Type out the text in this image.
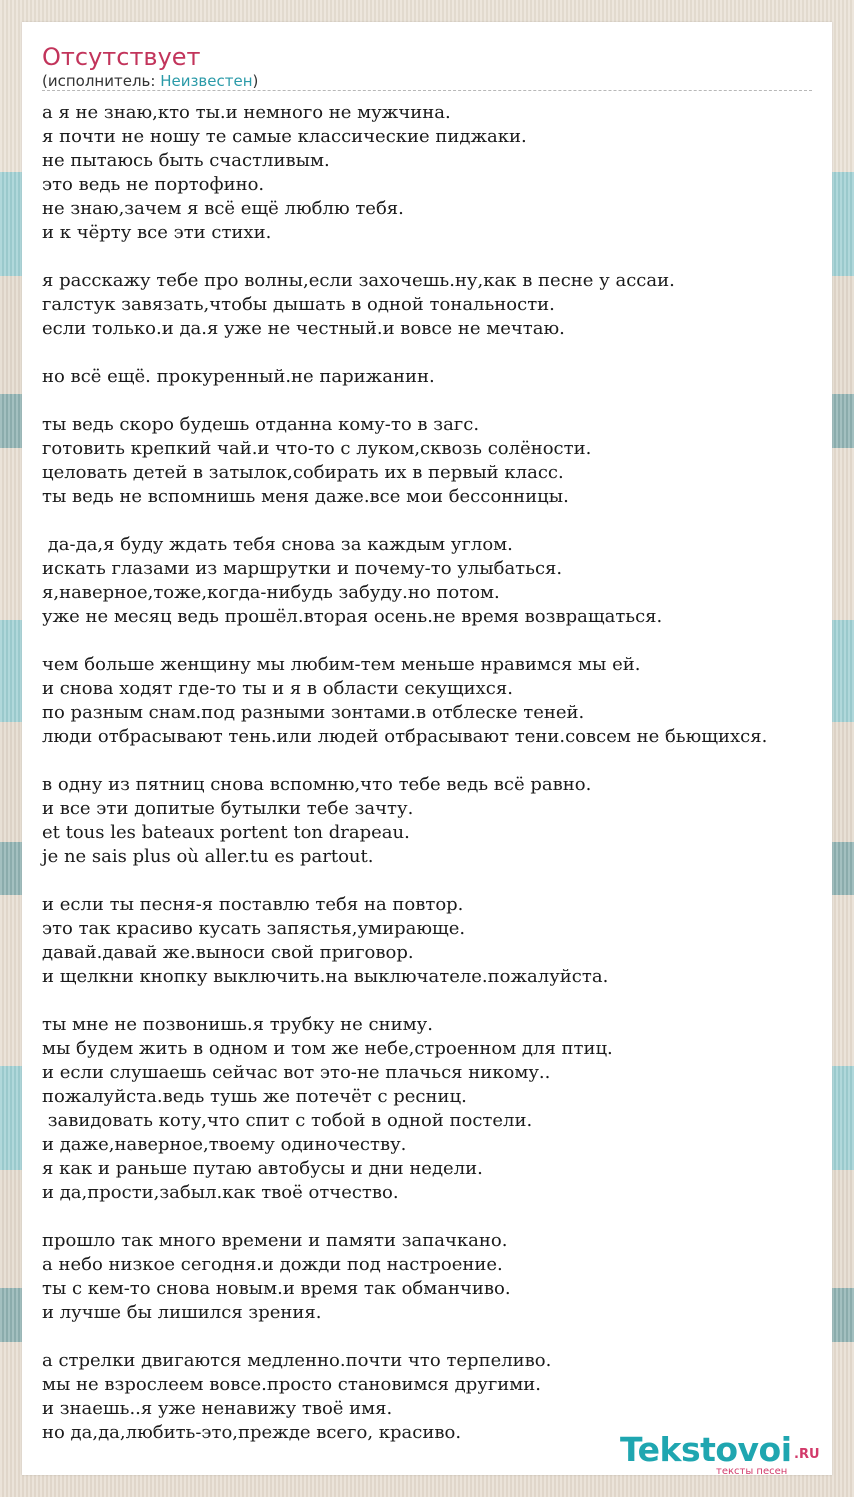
Отсутствует
(исполнитель: Неизвестен)
а я не знаю,кто ты.и немного не мужчина.
я почти не ношу те самые классические пиджаки.
не пытаюсь быть счастливым.
это ведь не портофино.
не знаю,зачем я всё ещё люблю тебя.
и к чёрту все эти стихи.
я расскажу тебе про волны,если захочешь.ну,как в песне у ассаи.
галстук завязать,чтобы дышать в одной тональности.
если только.и да.я уже не честный.и вовсе не мечтаю.
но всё ещё. прокуренный.не парижанин.
ты ведь скоро будешь отданна кому-то в загс.
готовить крепкий чай.и что-то с луком,сквозь солёности.
целовать детей в затылок,собирать их в первый класс.
ты ведь не вспомнишь меня даже.все мои бессонницы.
да-да,я буду ждать тебя снова за каждым углом.
искать глазами из маршрутки и почему-то улыбаться.
я,наверное,тоже,когда-нибудь забуду.но потом.
уже не месяц ведь прошёл.вторая осень.не время возвращаться.
чем больше женщину мы любим-тем меньше нравимся мы ей.
и снова ходят где-то ты и я в области секущихся.
по разным снам.под разными зонтами.в отблеске теней.
люди отбрасывают тень.или людей отбрасывают тени.совсем не бьющихся.
в одну из пятниц снова вспомню,что тебе ведь всё равно.
и все эти допитые бутылки тебе зачту.
et tous les bateaux portent ton drapeau.
je ne sais plus où aller.tu es partout.
и если ты песня-я поставлю тебя на повтор.
это так красиво кусать запястья,умирающе.
давай.давай же.выноси свой приговор.
и щелкни кнопку выключить.на выключателе.пожалуйста.
ты мне не позвонишь.я трубку не сниму.
мы будем жить в одном и том же небе,строенном для птиц.
и если слушаешь сейчас вот это-не плачься никому..
пожалуйста.ведь тушь же потечёт с ресниц.
завидовать коту,что спит с тобой в одной постели.
и даже,наверное,твоему одиночеству.
я как и раньше путаю автобусы и дни недели.
и да,прости,забыл.как твоё отчество.
прошло так много времени и памяти запачкано.
а небо низкое сегодня.и дожди под настроение.
ты с кем-то снова новым.и время так обманчиво.
и лучше бы лишился зрения.
а стрелки двигаются медленно.почти что терпеливо.
мы не взрослеем вовсе.просто становимся другими.
и знаешь..я уже ненавижу твоё имя.
но да,да,любить-это,прежде всего, красиво.	Tekstovoi .RU
тексты песен
